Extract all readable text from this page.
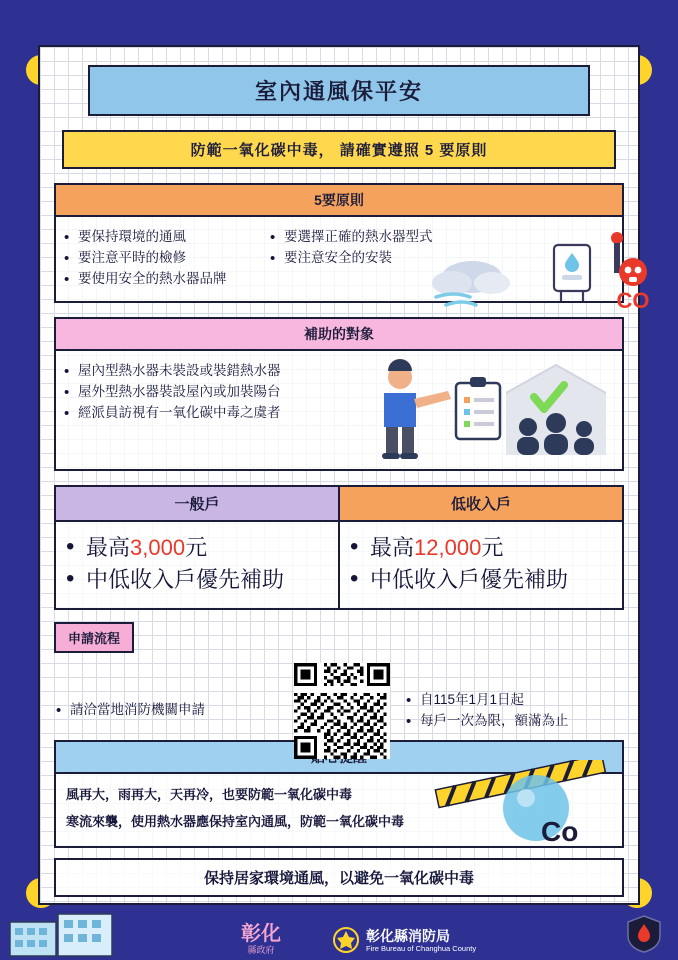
室內通風保平安
防範一氧化碳中毒， 請確實遵照 5 要原則
5要原則
• 要保持環境的通風
• 要注意平時的檢修
• 要使用安全的熱水器品牌
• 要選擇正確的熱水器型式
• 要注意安全的安裝
CO
補助的對象
• 屋內型熱水器未裝設或裝錯熱水器
• 屋外型熱水器裝設屋內或加裝陽台
• 經派員訪視有一氧化碳中毒之虞者
一般戶
• 最高3,000元
• 中低收入戶優先補助
低收入戶
• 最高12,000元
• 中低收入戶優先補助
申請流程
• 請洽當地消防機關申請
• 自115年1月1日起
• 每戶一次為限，額滿為止

風再大，雨再大，天再冷，也要防範一氧化碳中毒

寒流來襲，使用熱水器應保持室內通風，防範一氧化碳中毒	Co
保持居家環境通風，以避免一氧化碳中毒
彰化
縣政府
彰化縣消防局
Fire Bureau of Changhua County
